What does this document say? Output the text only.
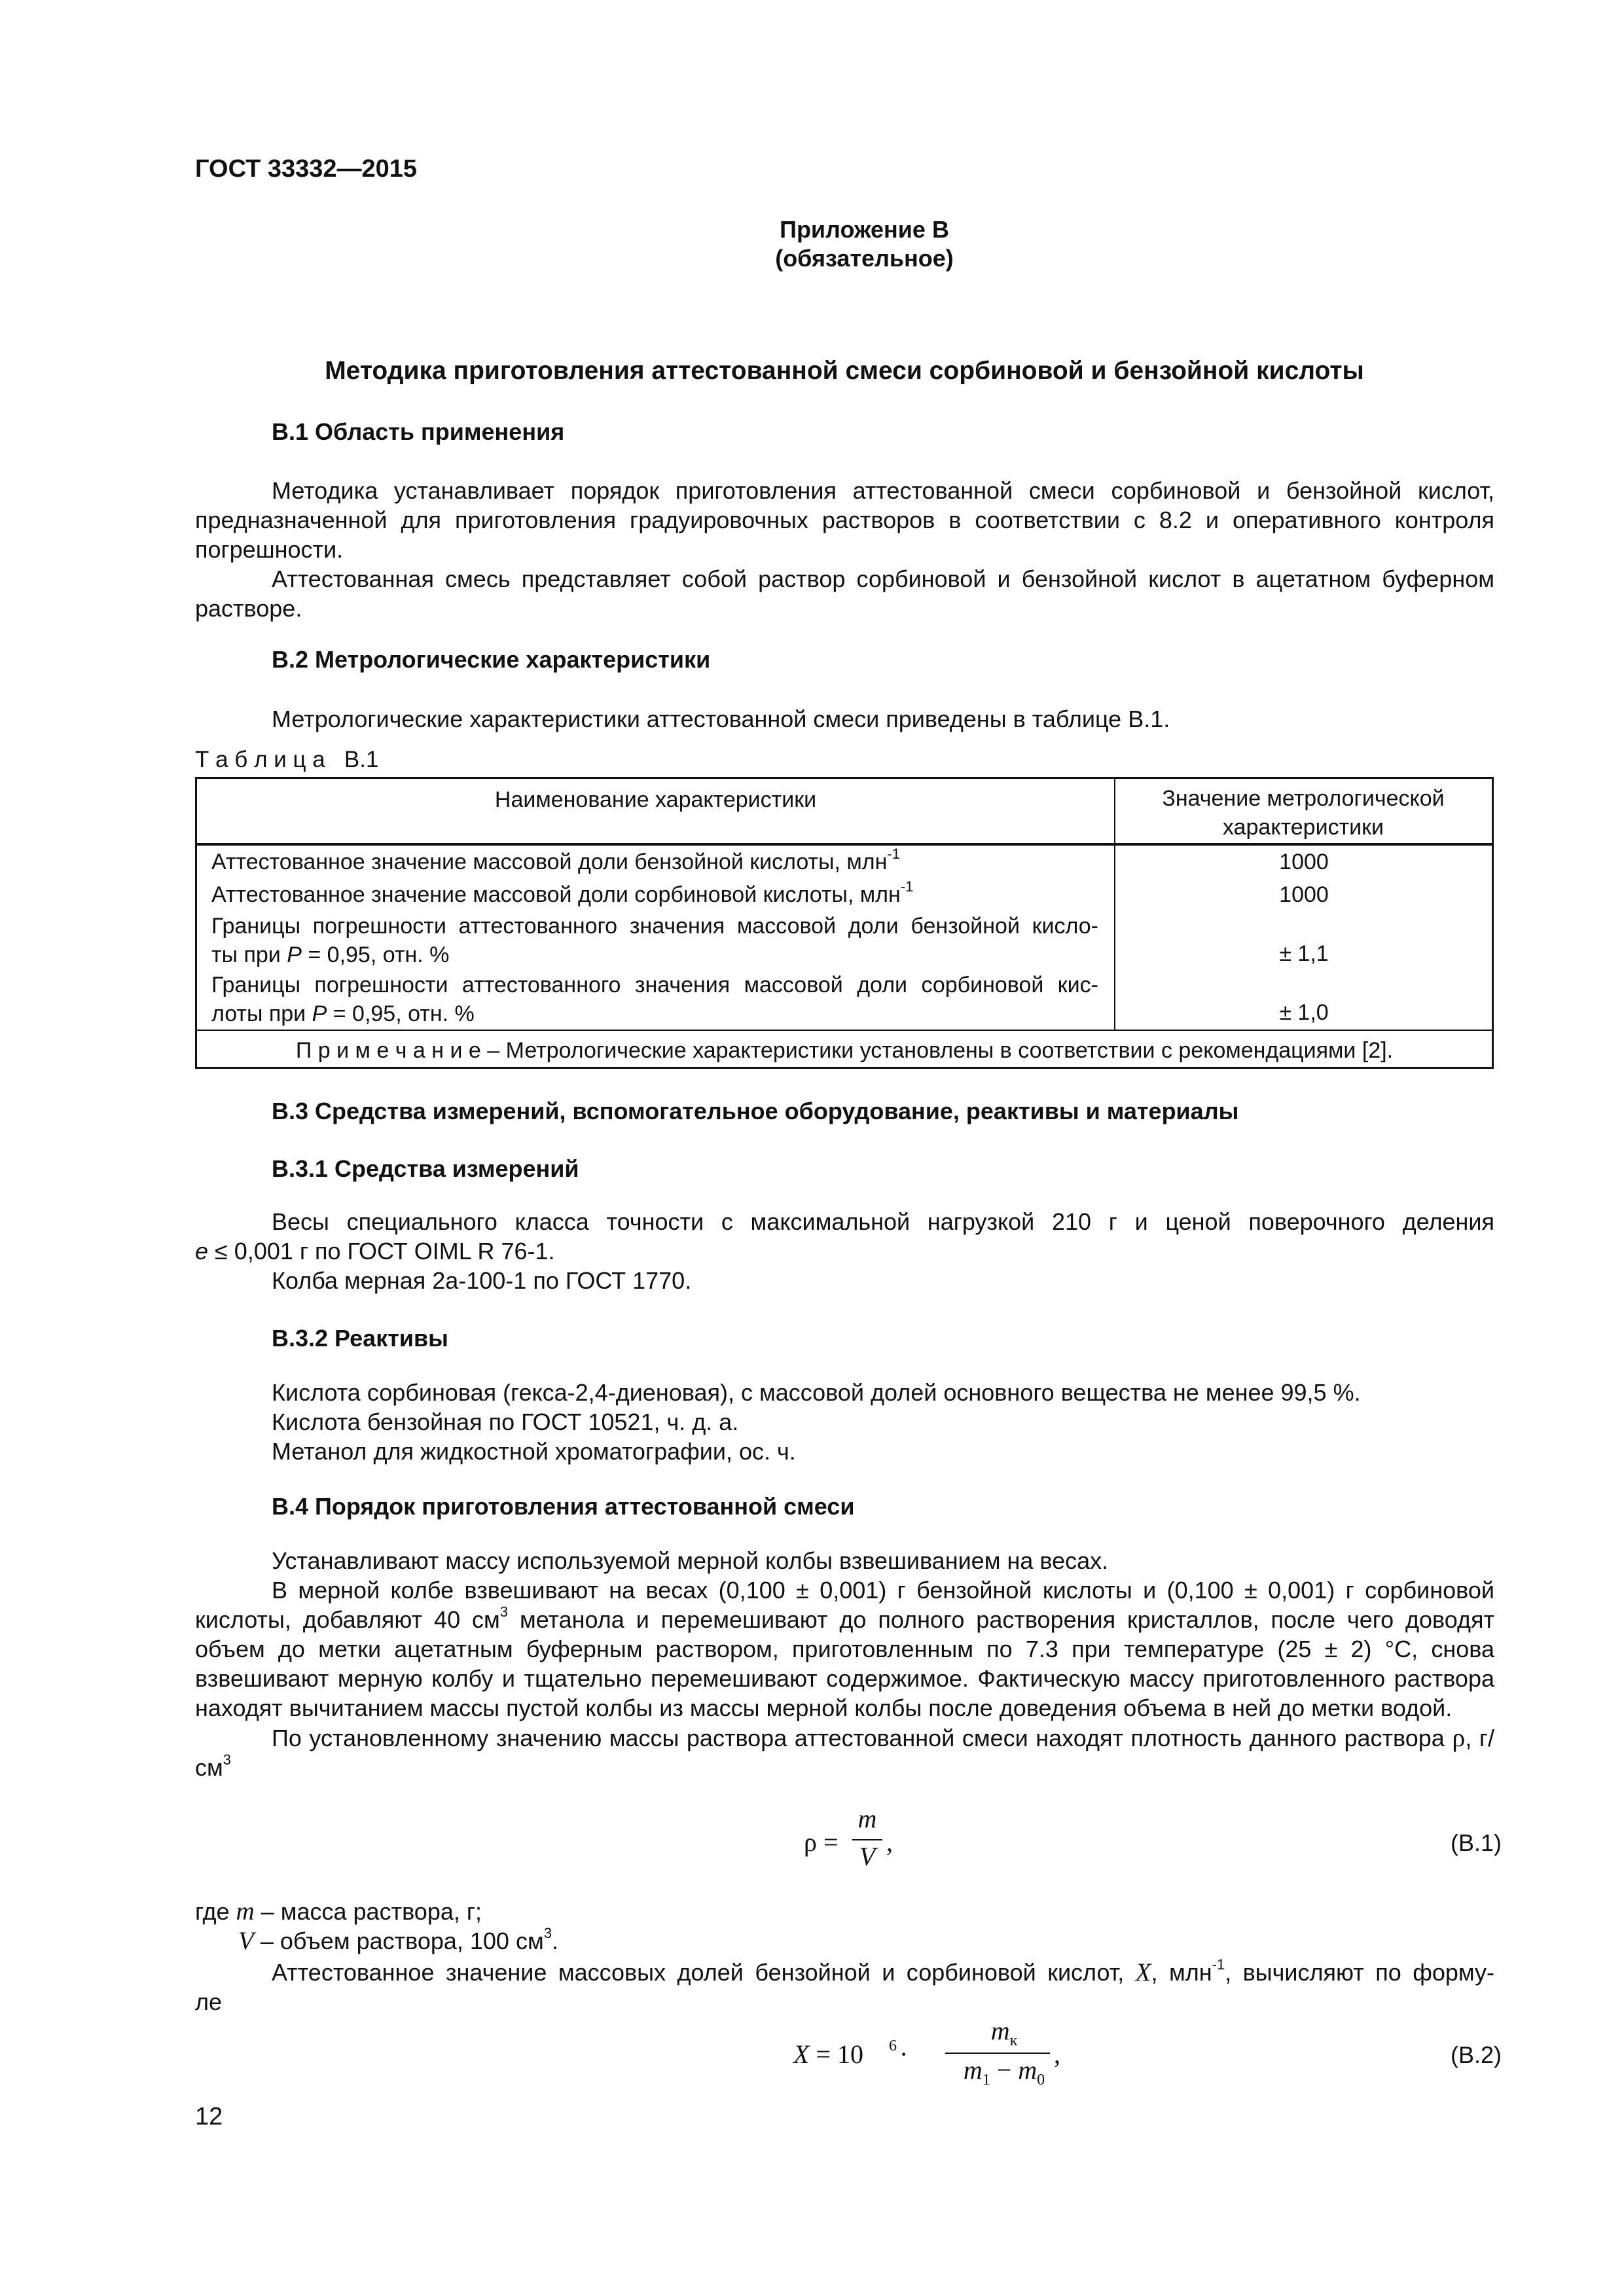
ГОСТ 33332—2015
Приложение В
(обязательное)
Методика приготовления аттестованной смеси сорбиновой и бензойной кислоты
В.1 Область применения

Методика устанавливает порядок приготовления аттестованной смеси сорбиновой и бензойной кислот, предназначенной для приготовления градуировочных растворов в соответствии с 8.2 и оперативного контроля погрешности.

Аттестованная смесь представляет собой раствор сорбиновой и бензойной кислот в ацетатном буферном растворе.

В.2 Метрологические характеристики
Метрологические характеристики аттестованной смеси приведены в таблице В.1.
Т а б л и ц а   В.1
Наименование характеристики	Значение метрологической характеристики
Аттестованное значение массовой доли бензойной кислоты, млн$^{-1}$	1000
Аттестованное значение массовой доли сорбиновой кислоты, млн$^{-1}$	1000
Границы погрешности аттестованного значения массовой доли бензойной кисло-
ты при P = 0,95, отн. %	± 1,1
Границы погрешности аттестованного значения массовой доли сорбиновой кис-
лоты при P = 0,95, отн. %	± 1,0
П р и м е ч а н и е – Метрологические характеристики установлены в соответствии с рекомендациями [2].
В.3 Средства измерений, вспомогательное оборудование, реактивы и материалы
В.3.1 Средства измерений
Весы специального класса точности с максимальной нагрузкой 210 г и ценой поверочного деления
e ≤ 0,001 г по ГОСТ OIML R 76-1.
Колба мерная 2а-100-1 по ГОСТ 1770.
В.3.2 Реактивы
Кислота сорбиновая (гекса-2,4-диеновая), с массовой долей основного вещества не менее 99,5 %.
Кислота бензойная по ГОСТ 10521, ч. д. а.
Метанол для жидкостной хроматографии, ос. ч.
В.4 Порядок приготовления аттестованной смеси
Устанавливают массу используемой мерной колбы взвешиванием на весах.
В мерной колбе взвешивают на весах (0,100 ± 0,001) г бензойной кислоты и (0,100 ± 0,001) г сорбиновой кислоты, добавляют 40 $см^3$ метанола и перемешивают до полного растворения кристаллов, после чего доводят объем до метки ацетатным буферным раствором, приготовленным по 7.3 при температуре (25 ± 2) °С, снова взвешивают мерную колбу и тщательно перемешивают содержимое. Фактическую массу приготовленного раствора находят вычитанием массы пустой колбы из массы мерной колбы после доведения объема в ней до метки водой.
По установленному значению массы раствора аттестованной смеси находят плотность данного раствора ρ, $г/см^3$
ρ =
m
V ,	(В.1)
где m – масса раствора, г;
V – объем раствора, 100 $см^3$.
Аттестованное значение массовых долей бензойной и сорбиновой кислот, X, млн$^{-1}$, вычисляют по форму-
ле
X = 10 6 ·
$m_к$
$m_1 - m_0$
,	(В.2)
12
